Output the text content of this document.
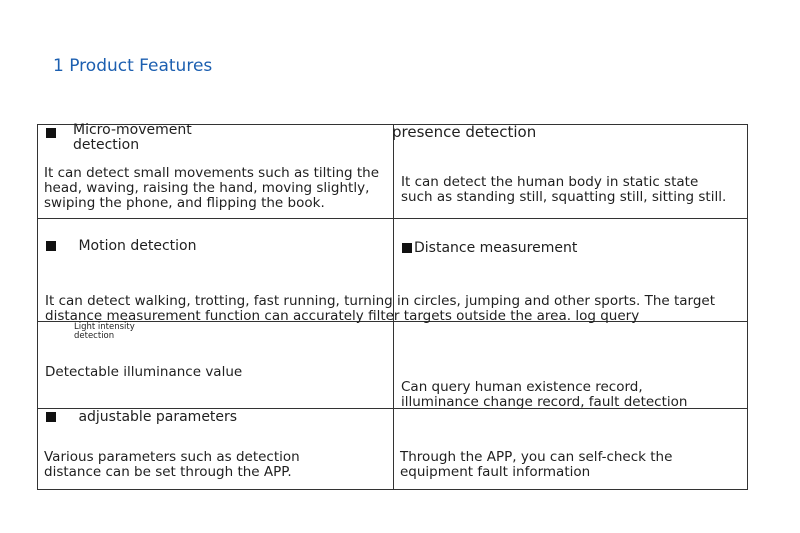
1 Product Features
Micro-movement
detection
It can detect small movements such as tilting the
head, waving, raising the hand, moving slightly,
swiping the phone, and flipping the book.
presence detection
It can detect the human body in static state
such as standing still, squatting still, sitting still.
Motion detection	Distance measurement
It can detect walking, trotting, fast running, turning in circles, jumping and other sports. The target
distance measurement function can accurately filter targets outside the area. log query
Light intensity
detection
Detectable illuminance value
Can query human existence record,
illuminance change record, fault detection
adjustable parameters
Various parameters such as detection
distance can be set through the APP.
Through the APP, you can self-check the
equipment fault information
